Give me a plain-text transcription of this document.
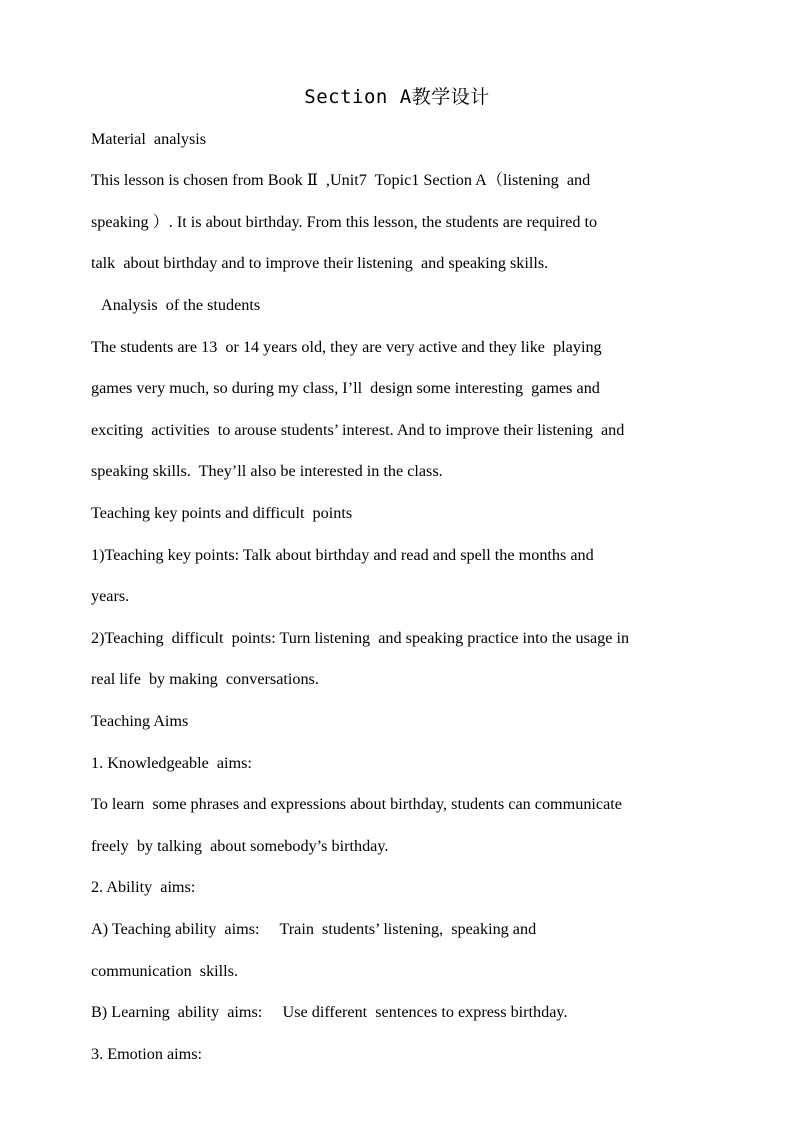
Section A教学设计
Material  analysis
This lesson is chosen from Book Ⅱ  ,Unit7  Topic1 Section A（listening  and
speaking ）. It is about birthday. From this lesson, the students are required to
talk  about birthday and to improve their listening  and speaking skills.
Analysis  of the students
The students are 13  or 14 years old, they are very active and they like  playing
games very much, so during my class, I’ll  design some interesting  games and
exciting  activities  to arouse students’ interest. And to improve their listening  and
speaking skills.  They’ll also be interested in the class.
Teaching key points and difficult  points
1)Teaching key points: Talk about birthday and read and spell the months and
years.
2)Teaching  difficult  points: Turn listening  and speaking practice into the usage in
real life  by making  conversations.
Teaching Aims
1. Knowledgeable  aims:
To learn  some phrases and expressions about birthday, students can communicate
freely  by talking  about somebody’s birthday.
2. Ability  aims:
A) Teaching ability  aims:     Train  students’ listening,  speaking and
communication  skills.
B) Learning  ability  aims:     Use different  sentences to express birthday.
3. Emotion aims:
